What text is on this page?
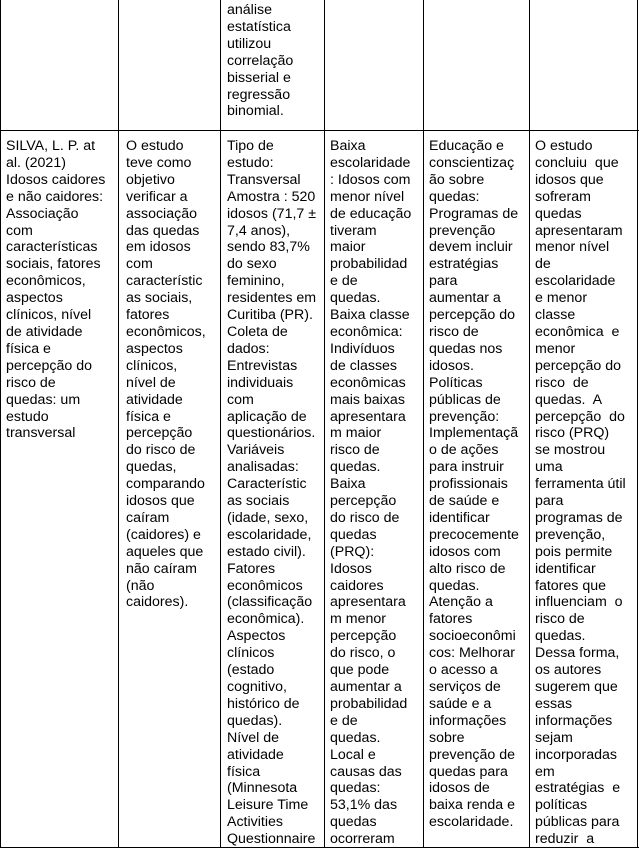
análise
estatística
utilizou
correlação
bisserial e
regressão
binomial.
SILVA, L. P. at
al. (2021)
Idosos caidores
e não caidores:
Associação
com
características
sociais, fatores
econômicos,
aspectos
clínicos, nível
de atividade
física e
percepção do
risco de
quedas: um
estudo
transversal
O estudo
teve como
objetivo
verificar a
associação
das quedas
em idosos
com
característic
as sociais,
fatores
econômicos,
aspectos
clínicos,
nível de
atividade
física e
percepção
do risco de
quedas,
comparando
idosos que
caíram
(caidores) e
aqueles que
não caíram
(não
caidores).
Tipo de
estudo:
Transversal
Amostra : 520
idosos (71,7 ±
7,4 anos),
sendo 83,7%
do sexo
feminino,
residentes em
Curitiba (PR).
Coleta de
dados:
Entrevistas
individuais
com
aplicação de
questionários.
Variáveis
analisadas:
Característic
as sociais
(idade, sexo,
escolaridade,
estado civil).
Fatores
econômicos
(classificação
econômica).
Aspectos
clínicos
(estado
cognitivo,
histórico de
quedas).
Nível de
atividade
física
(Minnesota
Leisure Time
Activities
Questionnaire
Baixa
escolaridade
: Idosos com
menor nível
de educação
tiveram
maior
probabilidad
e de
quedas.
Baixa classe
econômica:
Indivíduos
de classes
econômicas
mais baixas
apresentara
m maior
risco de
quedas.
Baixa
percepção
do risco de
quedas
(PRQ):
Idosos
caidores
apresentara
m menor
percepção
do risco, o
que pode
aumentar a
probabilidad
e de
quedas.
Local e
causas das
quedas:
53,1% das
quedas
ocorreram
Educação e
conscientizaç
ão sobre
quedas:
Programas de
prevenção
devem incluir
estratégias
para
aumentar a
percepção do
risco de
quedas nos
idosos.
Políticas
públicas de
prevenção:
Implementaçã
o de ações
para instruir
profissionais
de saúde e
identificar
precocemente
idosos com
alto risco de
quedas.
Atenção a
fatores
socioeconômi
cos: Melhorar
o acesso a
serviços de
saúde e a
informações
sobre
prevenção de
quedas para
idosos de
baixa renda e
escolaridade.
O estudo
concluiu  que
idosos que
sofreram
quedas
apresentaram
menor nível
de
escolaridade
e menor
classe
econômica  e
menor
percepção do
risco  de
quedas.  A
percepção  do
risco (PRQ)
se mostrou
uma
ferramenta útil
para
programas de
prevenção,
pois permite
identificar
fatores que
influenciam  o
risco de
quedas.
Dessa forma,
os autores
sugerem que
essas
informações
sejam
incorporadas
em
estratégias  e
políticas
públicas para
reduzir  a
